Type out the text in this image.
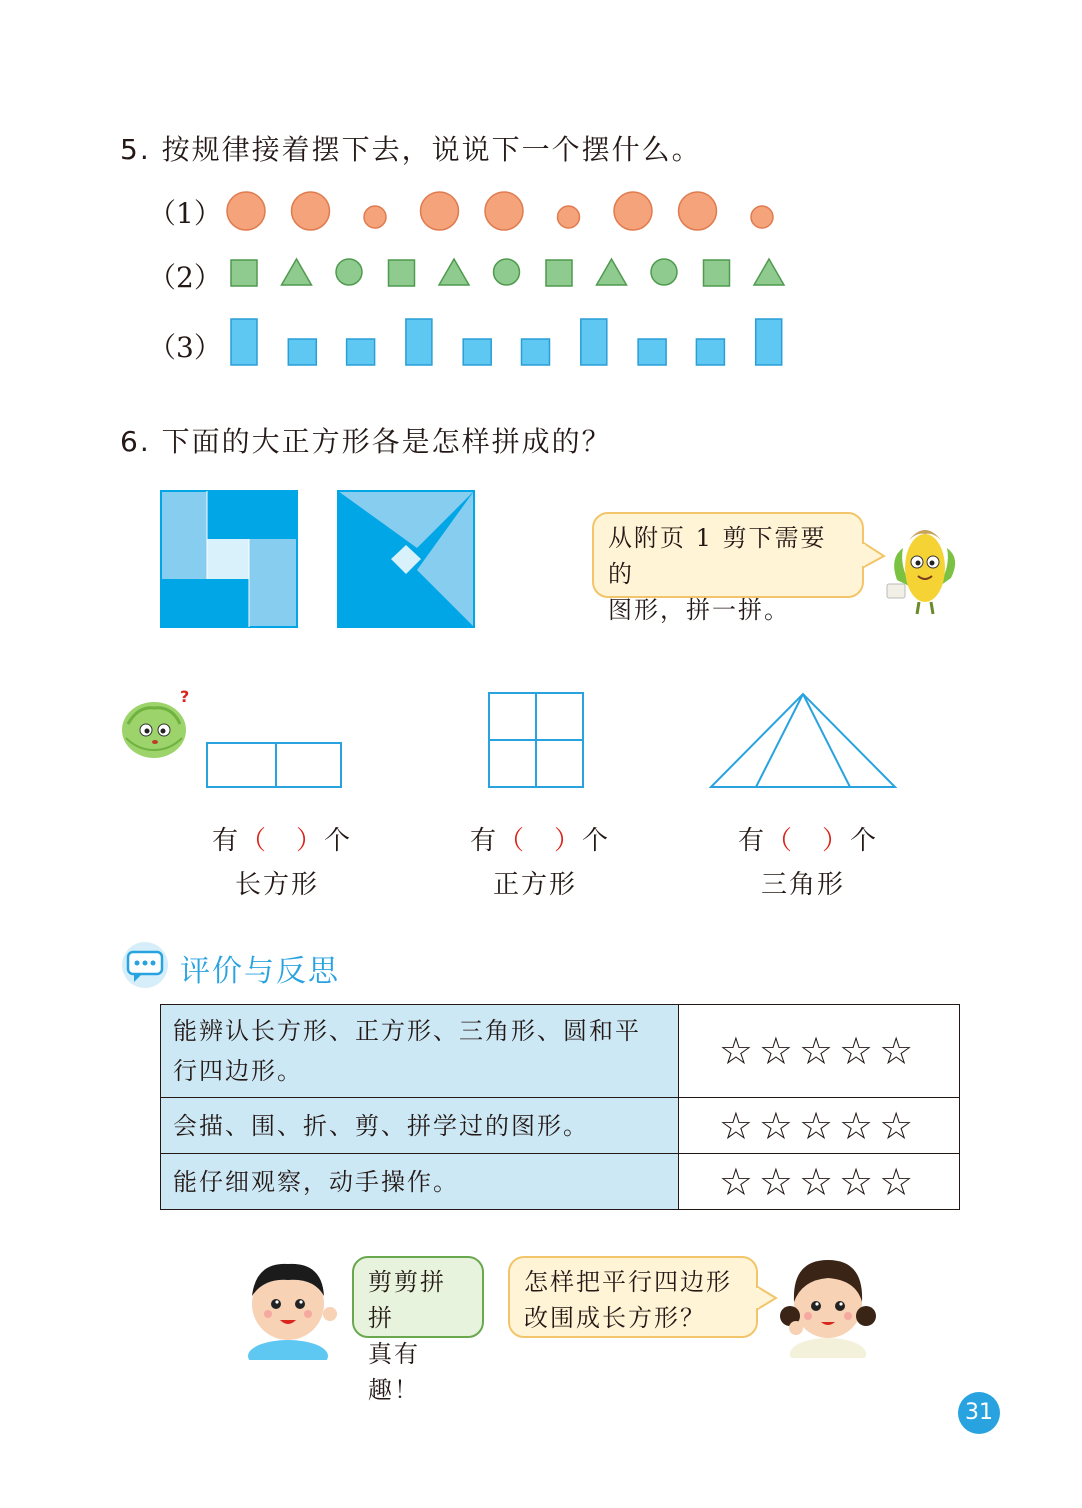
5. 按规律接着摆下去，说说下一个摆什么。
（1）
（2）
（3）
6. 下面的大正方形各是怎样拼成的？
从附页 1 剪下需要的
图形，拼一拼。
?
有（ ）个
长方形
有（ ）个
正方形
有（ ）个
三角形
评价与反思
能辨认长方形、正方形、三角形、圆和平
行四边形。	☆☆☆☆☆

会描、围、折、剪、拼学过的图形。	☆☆☆☆☆

能仔细观察，动手操作。	☆☆☆☆☆
剪剪拼拼
真有趣！
怎样把平行四边形
改围成长方形？
31
